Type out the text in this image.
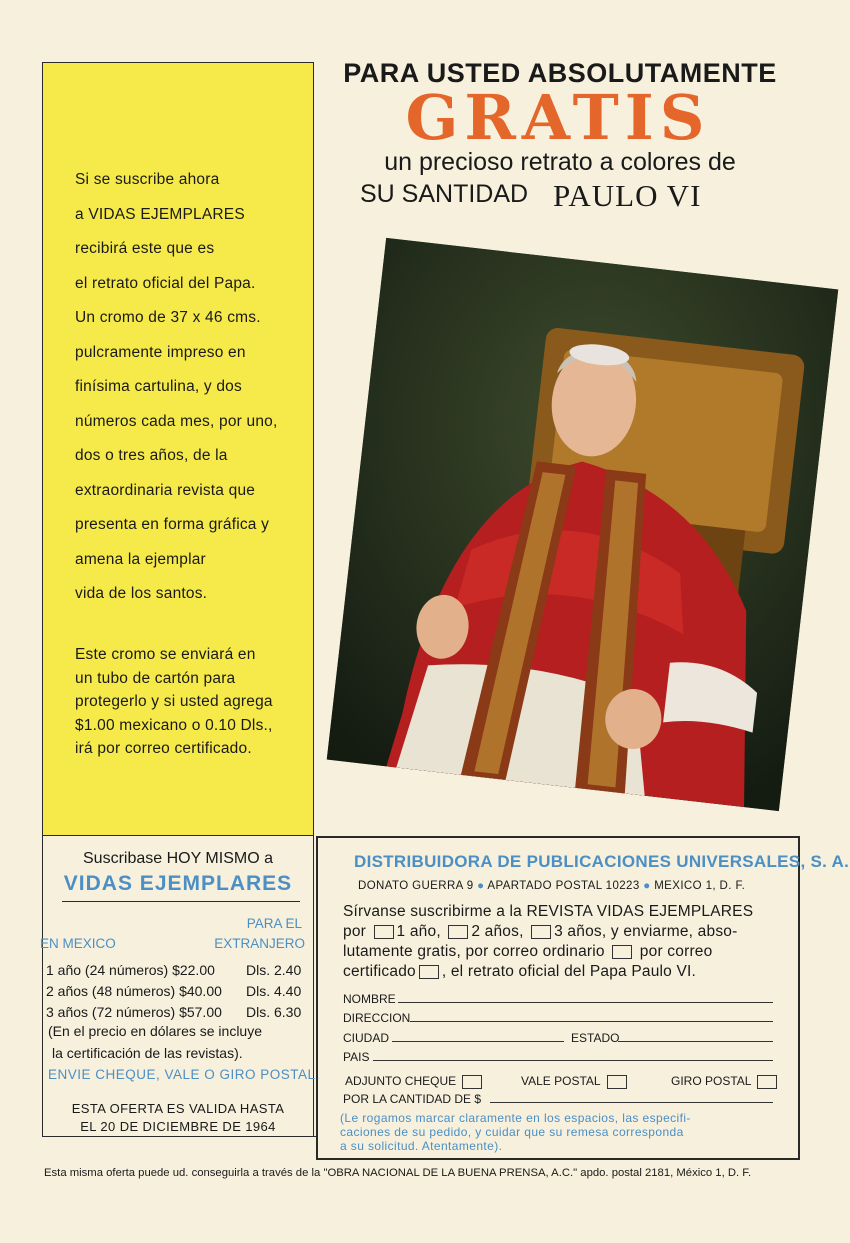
PARA USTED ABSOLUTAMENTE
GRATIS
un precioso retrato a colores de
SU SANTIDAD PAULO VI
Si se suscribe ahora
a VIDAS EJEMPLARES
recibirá este que es
el retrato oficial del Papa.
Un cromo de 37 x 46 cms.
pulcramente impreso en
finísima cartulina, y dos
números cada mes, por uno,
dos o tres años, de la
extraordinaria revista que
presenta en forma gráfica y
amena la ejemplar
vida de los santos.
Este cromo se enviará en
un tubo de cartón para
protegerlo y si usted agrega
$1.00 mexicano o 0.10 Dls.,
irá por correo certificado.
Suscribase HOY MISMO a
VIDAS EJEMPLARES
PARA EL
EN MEXICO	EXTRANJERO
1 año (24 números) $22.00 Dls. 2.40
2 años (48 números) $40.00 Dls. 4.40
3 años (72 números) $57.00 Dls. 6.30
(En el precio en dólares se incluye
la certificación de las revistas).
ENVIE CHEQUE, VALE O GIRO POSTAL.
ESTA OFERTA ES VALIDA HASTA
EL 20 DE DICIEMBRE DE 1964
DISTRIBUIDORA DE PUBLICACIONES UNIVERSALES, S. A.
DONATO GUERRA 9 ● APARTADO POSTAL 10223 ● MEXICO 1, D. F.
Sírvanse suscribirme a la REVISTA VIDAS EJEMPLARES
por 1 año, 2 años, 3 años, y enviarme, abso-
lutamente gratis, por correo ordinario por correo
certificado , el retrato oficial del Papa Paulo VI.
NOMBRE
DIRECCION
CIUDAD	ESTADO
PAIS
ADJUNTO CHEQUE	VALE POSTAL	GIRO POSTAL
POR LA CANTIDAD DE $
(Le rogamos marcar claramente en los espacios, las especifi-
caciones de su pedido, y cuidar que su remesa corresponda
a su solicitud. Atentamente).
Esta misma oferta puede ud. conseguirla a través de la "OBRA NACIONAL DE LA BUENA PRENSA, A.C." apdo. postal 2181, México 1, D. F.
